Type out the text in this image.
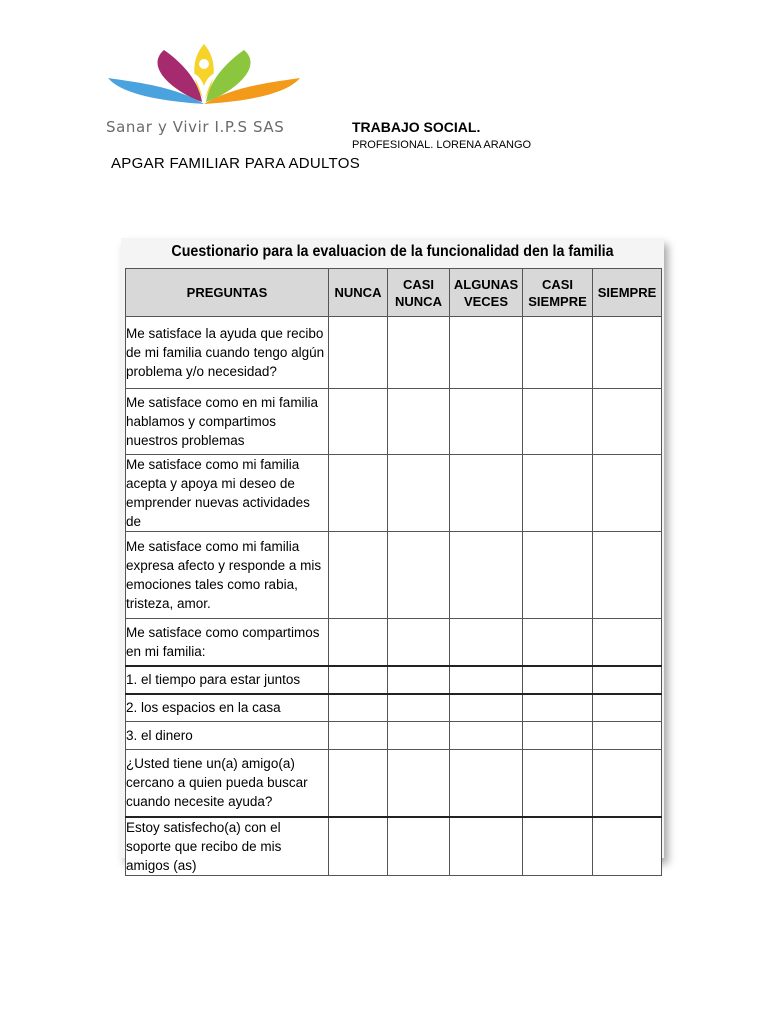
Sanar y Vivir I.P.S SAS	TRABAJO SOCIAL.
PROFESIONAL. LORENA ARANGO
APGAR FAMILIAR PARA ADULTOS
Cuestionario para la evaluacion de la funcionalidad den la familia
PREGUNTAS	NUNCA	CASI NUNCA	ALGUNAS VECES	CASI SIEMPRE	SIEMPRE
Me satisface la ayuda que recibo de mi familia cuando tengo algún problema y/o necesidad?					
Me satisface como en mi familia hablamos y compartimos nuestros problemas					
Me satisface como mi familia acepta y apoya mi deseo de emprender nuevas actividades de					
Me satisface como mi familia expresa afecto y responde a mis emociones tales como rabia, tristeza, amor.					
Me satisface como compartimos en mi familia:					
1. el tiempo para estar juntos					
2. los espacios en la casa					
3. el dinero					
¿Usted tiene un(a) amigo(a) cercano a quien pueda buscar cuando necesite ayuda?					
Estoy satisfecho(a) con el soporte que recibo de mis amigos (as)					
